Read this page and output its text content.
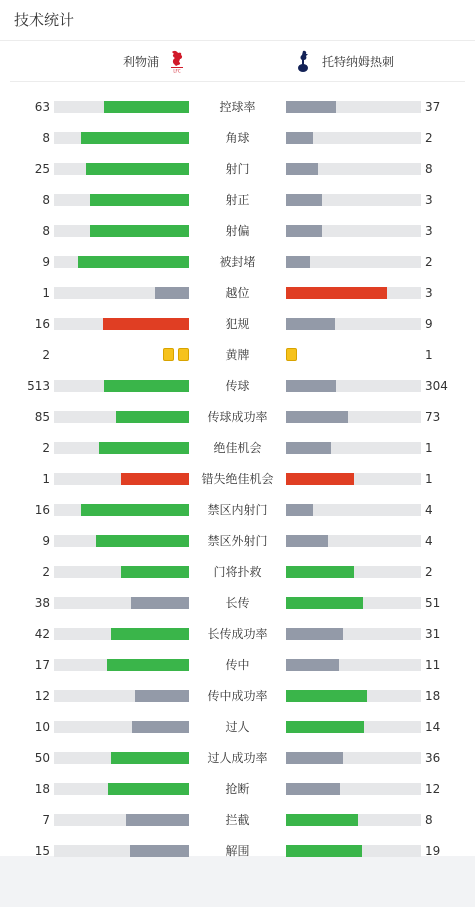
技术统计
利物浦
LFC
托特纳姆热刺
63	控球率	37
8	角球	2
25	射门	8
8	射正	3
8	射偏	3
9	被封堵	2
1	越位	3
16	犯规	9
2	黄牌	1
513	传球	304
85	传球成功率	73
2	绝佳机会	1
1	错失绝佳机会	1
16	禁区内射门	4
9	禁区外射门	4
2	门将扑救	2
38	长传	51
42	长传成功率	31
17	传中	11
12	传中成功率	18
10	过人	14
50	过人成功率	36
18	抢断	12
7	拦截	8
15	解围	19
